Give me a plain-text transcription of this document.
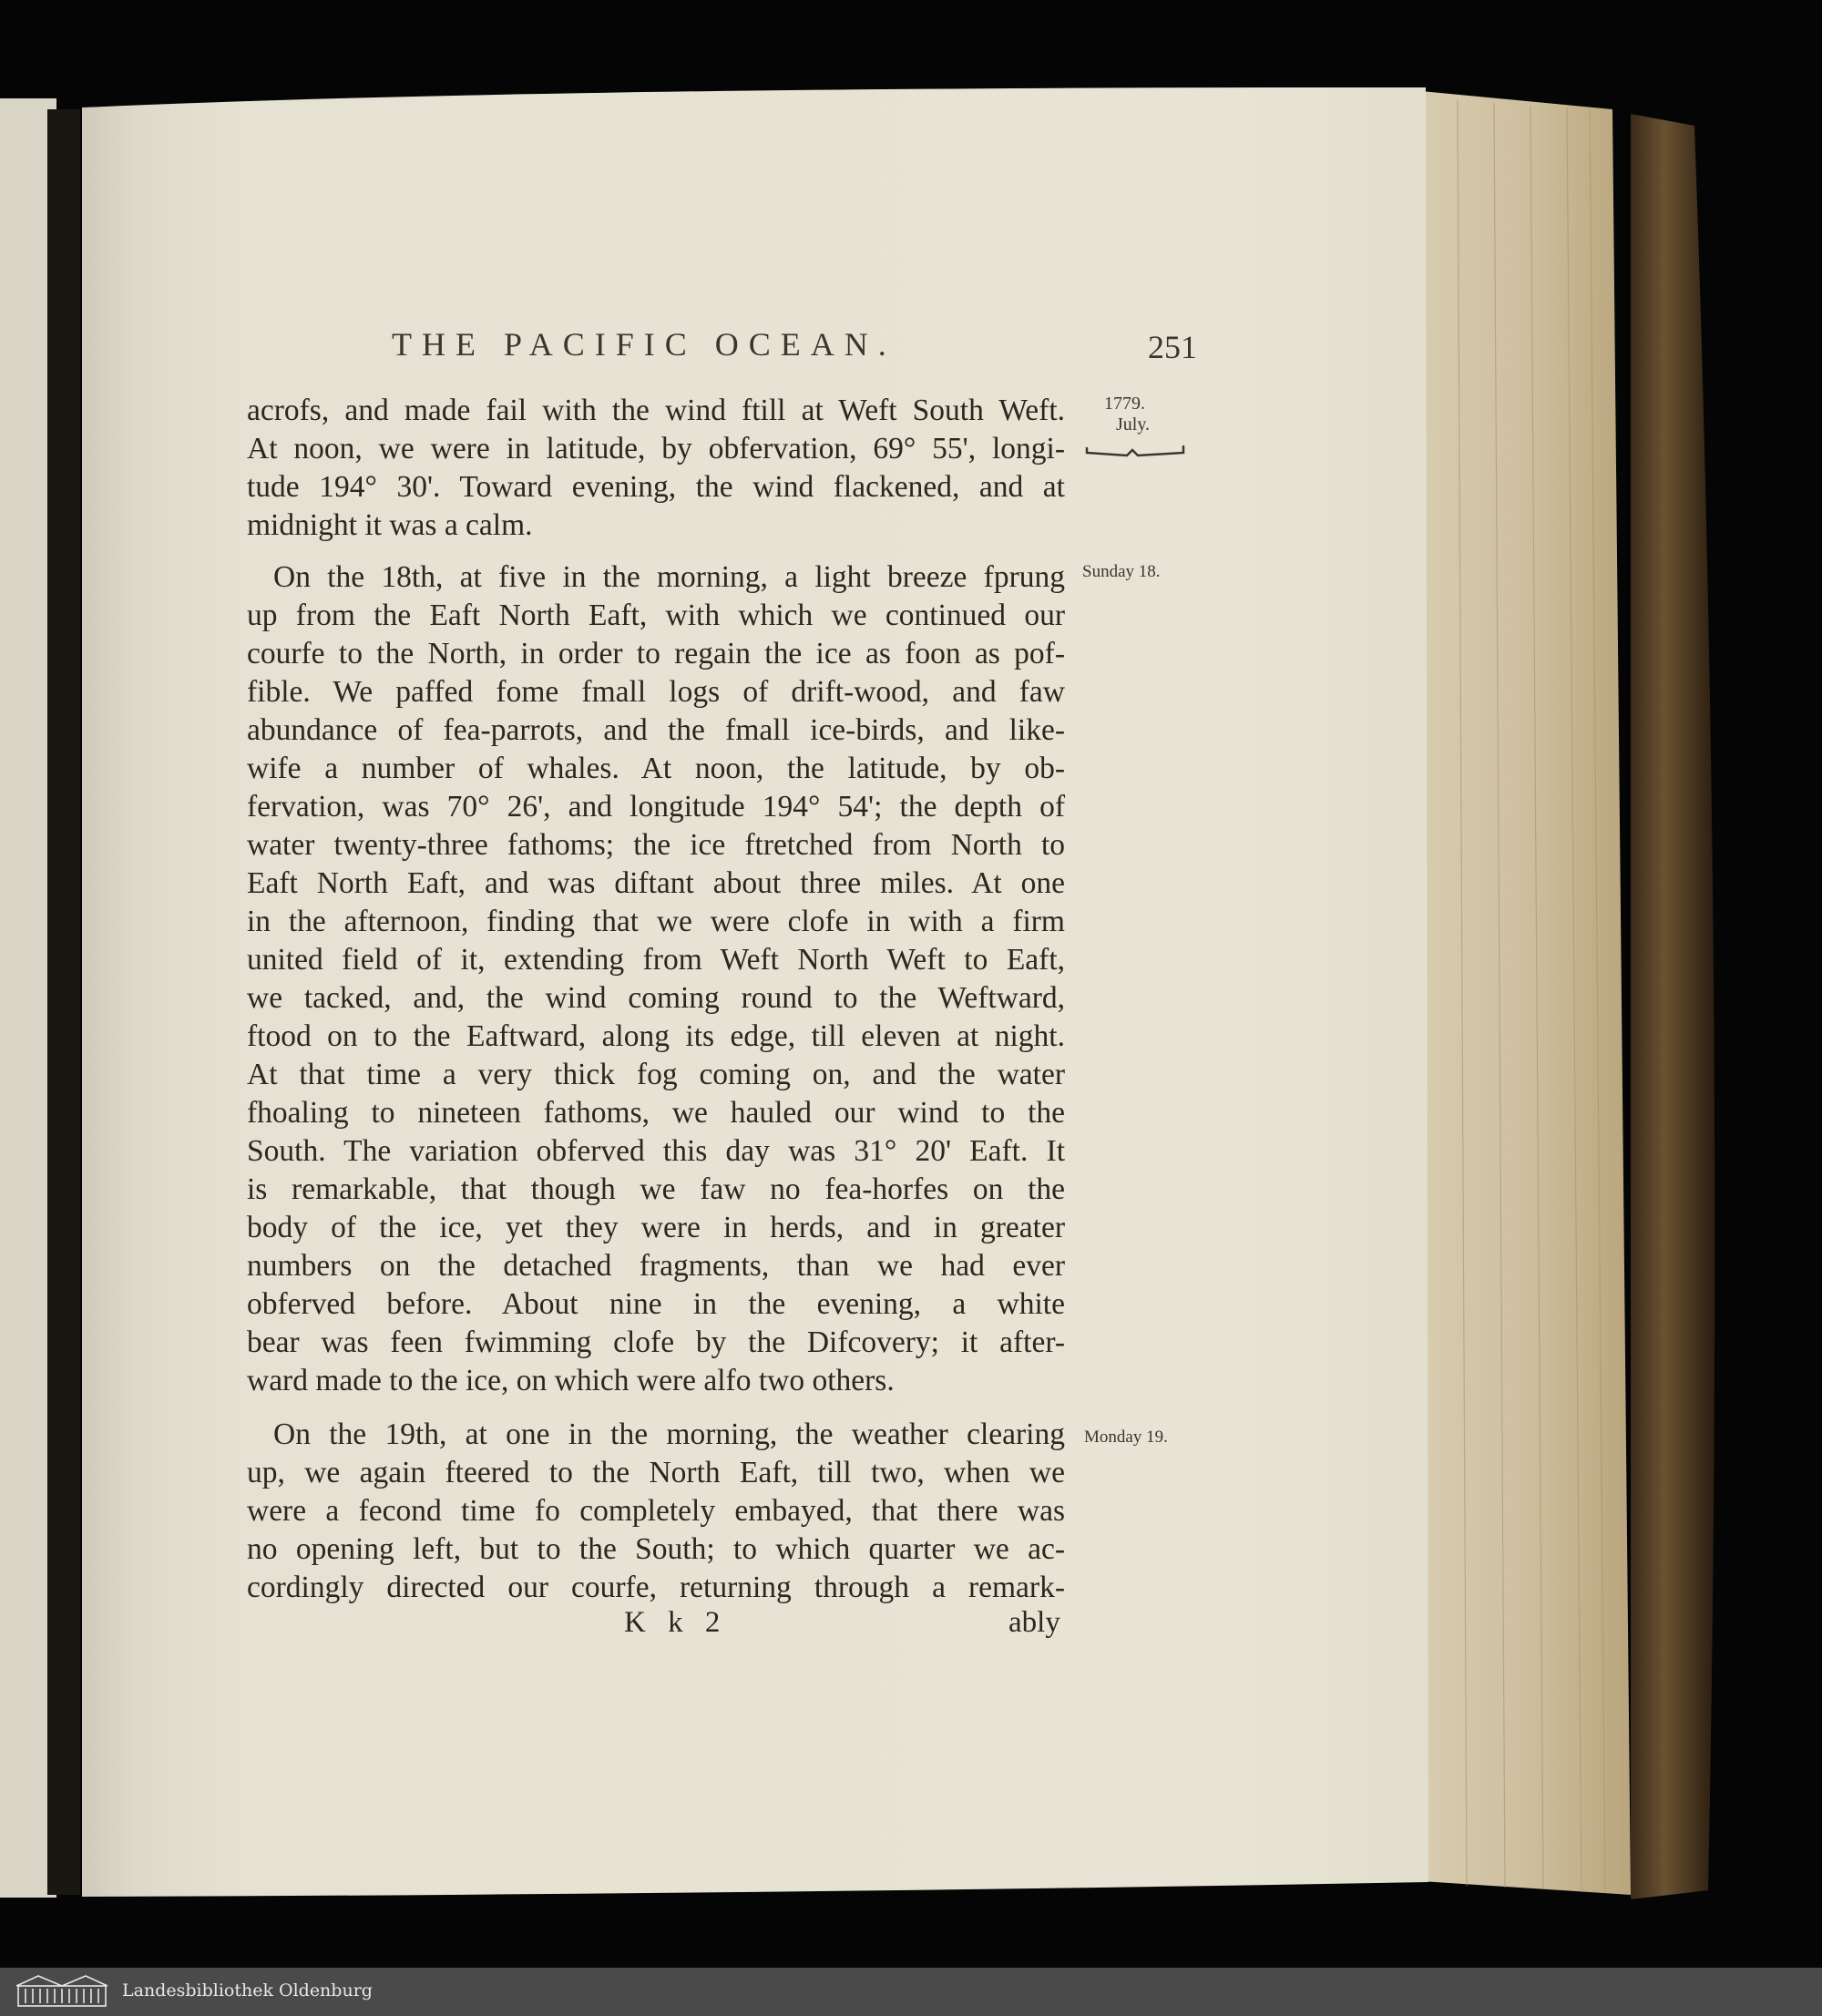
THE PACIFIC OCEAN.	251
1779.
July.
acrofs, and made fail with the wind ftill at Weft South Weft.
At noon, we were in latitude, by obfervation, 69° 55', longi-
tude 194° 30'. Toward evening, the wind flackened, and at
midnight it was a calm.
Sunday 18.
On the 18th, at five in the morning, a light breeze fprung
up from the Eaft North Eaft, with which we continued our
courfe to the North, in order to regain the ice as foon as pof-
fible. We paffed fome fmall logs of drift-wood, and faw
abundance of fea-parrots, and the fmall ice-birds, and like-
wife a number of whales. At noon, the latitude, by ob-
fervation, was 70° 26', and longitude 194° 54'; the depth of
water twenty-three fathoms; the ice ftretched from North to
Eaft North Eaft, and was diftant about three miles. At one
in the afternoon, finding that we were clofe in with a firm
united field of it, extending from Weft North Weft to Eaft,
we tacked, and, the wind coming round to the Weftward,
ftood on to the Eaftward, along its edge, till eleven at night.
At that time a very thick fog coming on, and the water
fhoaling to nineteen fathoms, we hauled our wind to the
South. The variation obferved this day was 31° 20' Eaft. It
is remarkable, that though we faw no fea-horfes on the
body of the ice, yet they were in herds, and in greater
numbers on the detached fragments, than we had ever
obferved before. About nine in the evening, a white
bear was feen fwimming clofe by the Difcovery; it after-
ward made to the ice, on which were alfo two others.
Monday 19.
On the 19th, at one in the morning, the weather clearing
up, we again fteered to the North Eaft, till two, when we
were a fecond time fo completely embayed, that there was
no opening left, but to the South; to which quarter we ac-
cordingly directed our courfe, returning through a remark-
K k 2	ably
Landesbibliothek Oldenburg
